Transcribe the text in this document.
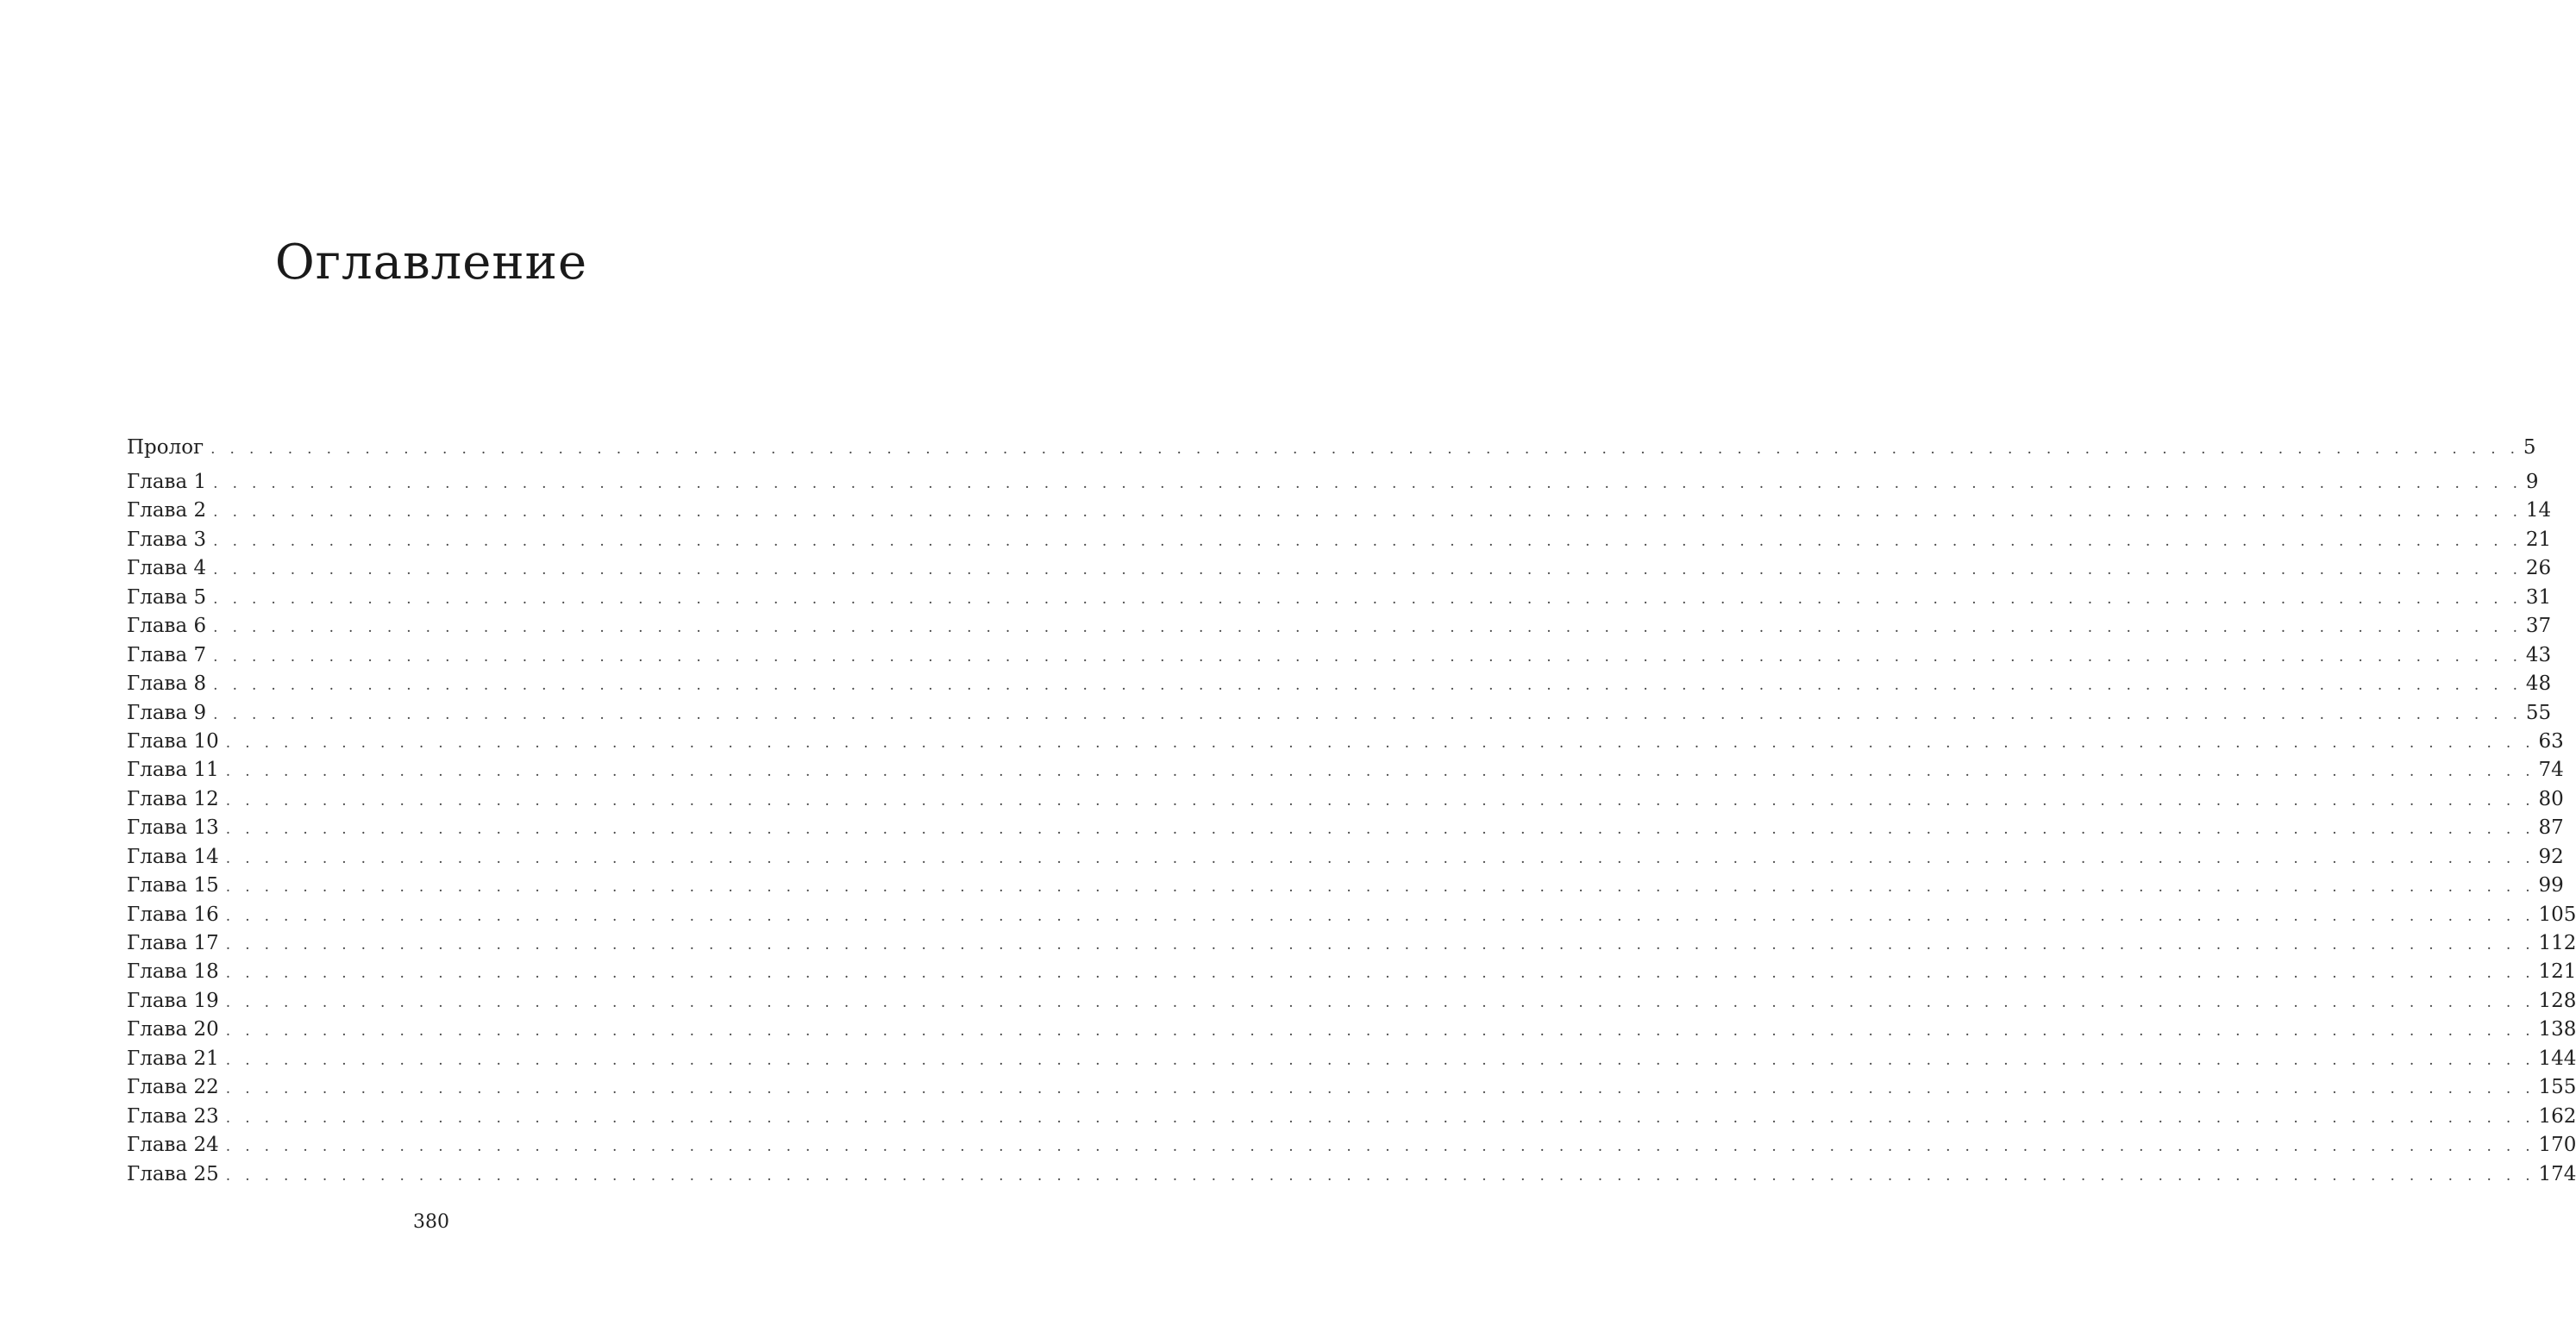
Оглавление
Пролог . . . . . . . . . . . . . . . . . . . . . . . . . . . . . . . . . . . . . . . . . . . . . . . . . . . . . . . . . . . . . . . . . . . . . . . . . . . . . . . . . . . . . . . . . . . . . . . . . . . . . . . . . . . . . . . . . . . . . . . . 5
Глава 1 . . . . . . . . . . . . . . . . . . . . . . . . . . . . . . . . . . . . . . . . . . . . . . . . . . . . . . . . . . . . . . . . . . . . . . . . . . . . . . . . . . . . . . . . . . . . . . . . . . . . . . . . . . . . . . . . . . . . . . . . 9
Глава 2 . . . . . . . . . . . . . . . . . . . . . . . . . . . . . . . . . . . . . . . . . . . . . . . . . . . . . . . . . . . . . . . . . . . . . . . . . . . . . . . . . . . . . . . . . . . . . . . . . . . . . . . . . . . . . . . . . . . . . . . . 14
Глава 3 . . . . . . . . . . . . . . . . . . . . . . . . . . . . . . . . . . . . . . . . . . . . . . . . . . . . . . . . . . . . . . . . . . . . . . . . . . . . . . . . . . . . . . . . . . . . . . . . . . . . . . . . . . . . . . . . . . . . . . . . 21
Глава 4 . . . . . . . . . . . . . . . . . . . . . . . . . . . . . . . . . . . . . . . . . . . . . . . . . . . . . . . . . . . . . . . . . . . . . . . . . . . . . . . . . . . . . . . . . . . . . . . . . . . . . . . . . . . . . . . . . . . . . . . . 26
Глава 5 . . . . . . . . . . . . . . . . . . . . . . . . . . . . . . . . . . . . . . . . . . . . . . . . . . . . . . . . . . . . . . . . . . . . . . . . . . . . . . . . . . . . . . . . . . . . . . . . . . . . . . . . . . . . . . . . . . . . . . . . 31
Глава 6 . . . . . . . . . . . . . . . . . . . . . . . . . . . . . . . . . . . . . . . . . . . . . . . . . . . . . . . . . . . . . . . . . . . . . . . . . . . . . . . . . . . . . . . . . . . . . . . . . . . . . . . . . . . . . . . . . . . . . . . . 37
Глава 7 . . . . . . . . . . . . . . . . . . . . . . . . . . . . . . . . . . . . . . . . . . . . . . . . . . . . . . . . . . . . . . . . . . . . . . . . . . . . . . . . . . . . . . . . . . . . . . . . . . . . . . . . . . . . . . . . . . . . . . . . 43
Глава 8 . . . . . . . . . . . . . . . . . . . . . . . . . . . . . . . . . . . . . . . . . . . . . . . . . . . . . . . . . . . . . . . . . . . . . . . . . . . . . . . . . . . . . . . . . . . . . . . . . . . . . . . . . . . . . . . . . . . . . . . . 48
Глава 9 . . . . . . . . . . . . . . . . . . . . . . . . . . . . . . . . . . . . . . . . . . . . . . . . . . . . . . . . . . . . . . . . . . . . . . . . . . . . . . . . . . . . . . . . . . . . . . . . . . . . . . . . . . . . . . . . . . . . . . . . 55
Глава 10 . . . . . . . . . . . . . . . . . . . . . . . . . . . . . . . . . . . . . . . . . . . . . . . . . . . . . . . . . . . . . . . . . . . . . . . . . . . . . . . . . . . . . . . . . . . . . . . . . . . . . . . . . . . . . . . . . . . . . . . . 63
Глава 11 . . . . . . . . . . . . . . . . . . . . . . . . . . . . . . . . . . . . . . . . . . . . . . . . . . . . . . . . . . . . . . . . . . . . . . . . . . . . . . . . . . . . . . . . . . . . . . . . . . . . . . . . . . . . . . . . . . . . . . . . 74
Глава 12 . . . . . . . . . . . . . . . . . . . . . . . . . . . . . . . . . . . . . . . . . . . . . . . . . . . . . . . . . . . . . . . . . . . . . . . . . . . . . . . . . . . . . . . . . . . . . . . . . . . . . . . . . . . . . . . . . . . . . . . . 80
Глава 13 . . . . . . . . . . . . . . . . . . . . . . . . . . . . . . . . . . . . . . . . . . . . . . . . . . . . . . . . . . . . . . . . . . . . . . . . . . . . . . . . . . . . . . . . . . . . . . . . . . . . . . . . . . . . . . . . . . . . . . . . 87
Глава 14 . . . . . . . . . . . . . . . . . . . . . . . . . . . . . . . . . . . . . . . . . . . . . . . . . . . . . . . . . . . . . . . . . . . . . . . . . . . . . . . . . . . . . . . . . . . . . . . . . . . . . . . . . . . . . . . . . . . . . . . . 92
Глава 15 . . . . . . . . . . . . . . . . . . . . . . . . . . . . . . . . . . . . . . . . . . . . . . . . . . . . . . . . . . . . . . . . . . . . . . . . . . . . . . . . . . . . . . . . . . . . . . . . . . . . . . . . . . . . . . . . . . . . . . . . 99
Глава 16 . . . . . . . . . . . . . . . . . . . . . . . . . . . . . . . . . . . . . . . . . . . . . . . . . . . . . . . . . . . . . . . . . . . . . . . . . . . . . . . . . . . . . . . . . . . . . . . . . . . . . . . . . . . . . . . . . . . . . . . . 105
Глава 17 . . . . . . . . . . . . . . . . . . . . . . . . . . . . . . . . . . . . . . . . . . . . . . . . . . . . . . . . . . . . . . . . . . . . . . . . . . . . . . . . . . . . . . . . . . . . . . . . . . . . . . . . . . . . . . . . . . . . . . . . 112
Глава 18 . . . . . . . . . . . . . . . . . . . . . . . . . . . . . . . . . . . . . . . . . . . . . . . . . . . . . . . . . . . . . . . . . . . . . . . . . . . . . . . . . . . . . . . . . . . . . . . . . . . . . . . . . . . . . . . . . . . . . . . . 121
Глава 19 . . . . . . . . . . . . . . . . . . . . . . . . . . . . . . . . . . . . . . . . . . . . . . . . . . . . . . . . . . . . . . . . . . . . . . . . . . . . . . . . . . . . . . . . . . . . . . . . . . . . . . . . . . . . . . . . . . . . . . . . 128
Глава 20 . . . . . . . . . . . . . . . . . . . . . . . . . . . . . . . . . . . . . . . . . . . . . . . . . . . . . . . . . . . . . . . . . . . . . . . . . . . . . . . . . . . . . . . . . . . . . . . . . . . . . . . . . . . . . . . . . . . . . . . . 138
Глава 21 . . . . . . . . . . . . . . . . . . . . . . . . . . . . . . . . . . . . . . . . . . . . . . . . . . . . . . . . . . . . . . . . . . . . . . . . . . . . . . . . . . . . . . . . . . . . . . . . . . . . . . . . . . . . . . . . . . . . . . . . 144
Глава 22 . . . . . . . . . . . . . . . . . . . . . . . . . . . . . . . . . . . . . . . . . . . . . . . . . . . . . . . . . . . . . . . . . . . . . . . . . . . . . . . . . . . . . . . . . . . . . . . . . . . . . . . . . . . . . . . . . . . . . . . . 155
Глава 23 . . . . . . . . . . . . . . . . . . . . . . . . . . . . . . . . . . . . . . . . . . . . . . . . . . . . . . . . . . . . . . . . . . . . . . . . . . . . . . . . . . . . . . . . . . . . . . . . . . . . . . . . . . . . . . . . . . . . . . . . 162
Глава 24 . . . . . . . . . . . . . . . . . . . . . . . . . . . . . . . . . . . . . . . . . . . . . . . . . . . . . . . . . . . . . . . . . . . . . . . . . . . . . . . . . . . . . . . . . . . . . . . . . . . . . . . . . . . . . . . . . . . . . . . . 170
Глава 25 . . . . . . . . . . . . . . . . . . . . . . . . . . . . . . . . . . . . . . . . . . . . . . . . . . . . . . . . . . . . . . . . . . . . . . . . . . . . . . . . . . . . . . . . . . . . . . . . . . . . . . . . . . . . . . . . . . . . . . . . 174
380
